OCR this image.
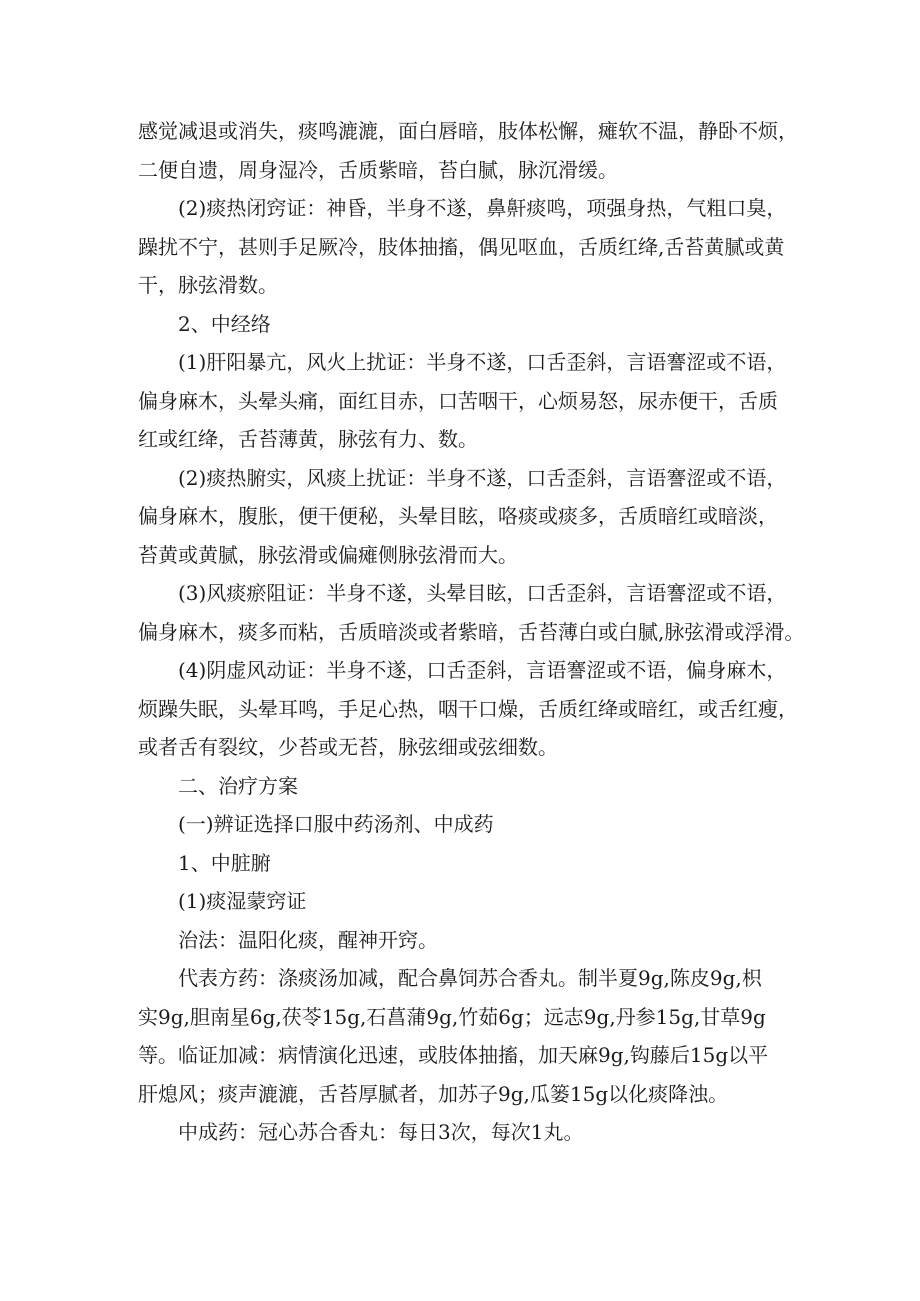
感觉减退或消失，痰鸣漉漉，面白唇暗，肢体松懈，瘫软不温，静卧不烦，
二便自遗，周身湿冷，舌质紫暗，苔白腻，脉沉滑缓。
(2)痰热闭窍证：神昏，半身不遂，鼻鼾痰鸣，项强身热，气粗口臭，
躁扰不宁，甚则手足厥冷，肢体抽搐，偶见呕血，舌质红绛,舌苔黄腻或黄
干，脉弦滑数。
2、中经络
(1)肝阳暴亢，风火上扰证：半身不遂，口舌歪斜，言语謇涩或不语，
偏身麻木，头晕头痛，面红目赤，口苦咽干，心烦易怒，尿赤便干，舌质
红或红绛，舌苔薄黄，脉弦有力、数。
(2)痰热腑实，风痰上扰证：半身不遂，口舌歪斜，言语謇涩或不语，
偏身麻木，腹胀，便干便秘，头晕目眩，咯痰或痰多，舌质暗红或暗淡，
苔黄或黄腻，脉弦滑或偏瘫侧脉弦滑而大。
(3)风痰瘀阻证：半身不遂，头晕目眩，口舌歪斜，言语謇涩或不语，
偏身麻木，痰多而粘，舌质暗淡或者紫暗，舌苔薄白或白腻,脉弦滑或浮滑。
(4)阴虚风动证：半身不遂，口舌歪斜，言语謇涩或不语，偏身麻木，
烦躁失眠，头晕耳鸣，手足心热，咽干口燥，舌质红绛或暗红，或舌红瘦，
或者舌有裂纹，少苔或无苔，脉弦细或弦细数。
二、治疗方案
(一)辨证选择口服中药汤剂、中成药
1、中脏腑
(1)痰湿蒙窍证
治法：温阳化痰，醒神开窍。
代表方药：涤痰汤加减，配合鼻饲苏合香丸。制半夏9g,陈皮9g,枳
实9g,胆南星6g,茯苓15g,石菖蒲9g,竹茹6g；远志9g,丹参15g,甘草9g
等。临证加减：病情演化迅速，或肢体抽搐，加天麻9g,钩藤后15g以平
肝熄风；痰声漉漉，舌苔厚腻者，加苏子9g,瓜篓15g以化痰降浊。
中成药：冠心苏合香丸：每日3次，每次1丸。
